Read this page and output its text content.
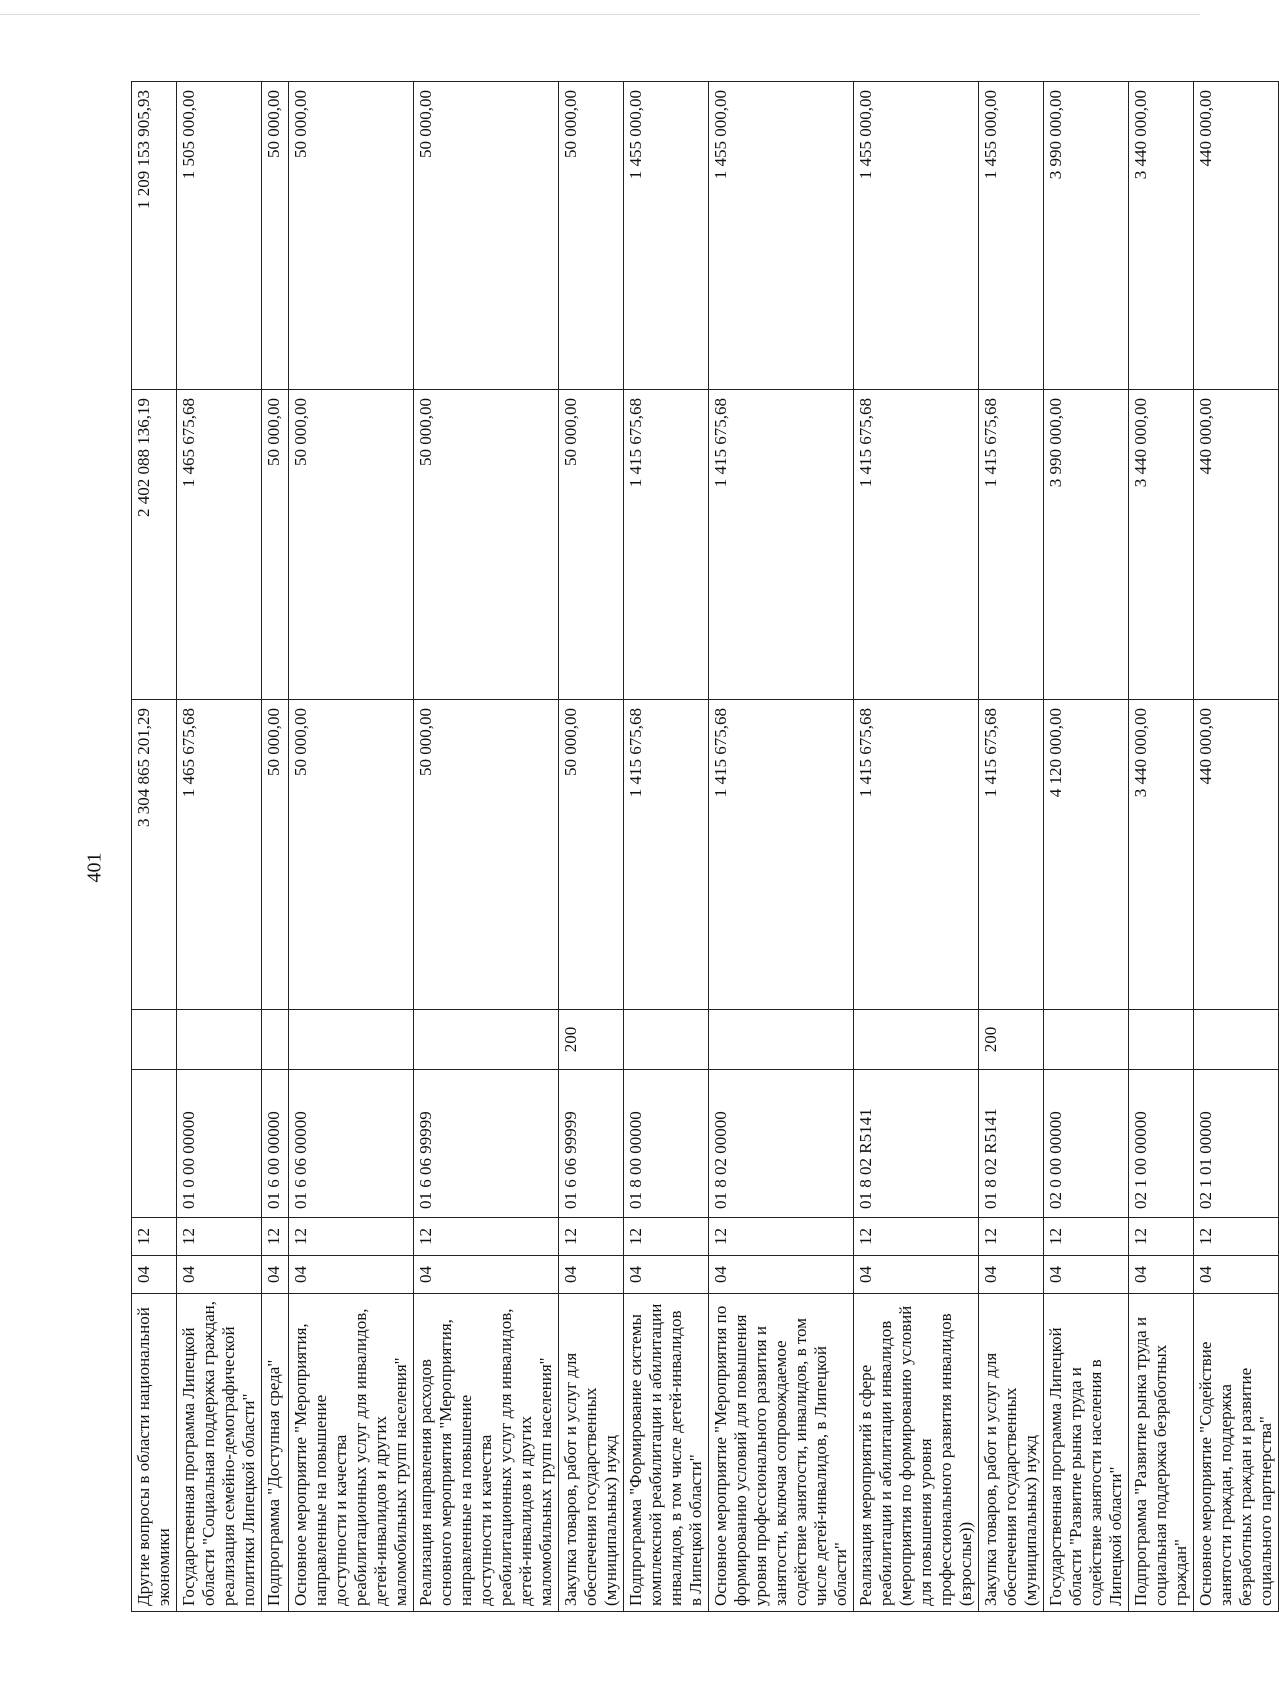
401
Другие вопросы в области национальной экономики	04	12			3 304 865 201,29	2 402 088 136,19	1 209 153 905,93
Государственная программа Липецкой области "Социальная поддержка граждан, реализация семейно-демографической политики Липецкой области"	04	12	01 0 00 00000		1 465 675,68	1 465 675,68	1 505 000,00
Подпрограмма "Доступная среда"	04	12	01 6 00 00000		50 000,00	50 000,00	50 000,00
Основное мероприятие "Мероприятия, направленные на повышение доступности и качества реабилитационных услуг для инвалидов, детей-инвалидов и других маломобильных групп населения"	04	12	01 6 06 00000		50 000,00	50 000,00	50 000,00
Реализация направления расходов основного мероприятия "Мероприятия, направленные на повышение доступности и качества реабилитационных услуг для инвалидов, детей-инвалидов и других маломобильных групп населения"	04	12	01 6 06 99999		50 000,00	50 000,00	50 000,00
Закупка товаров, работ и услуг для обеспечения государственных (муниципальных) нужд	04	12	01 6 06 99999	200	50 000,00	50 000,00	50 000,00
Подпрограмма "Формирование системы комплексной реабилитации и абилитации инвалидов, в том числе детей-инвалидов в Липецкой области"	04	12	01 8 00 00000		1 415 675,68	1 415 675,68	1 455 000,00
Основное мероприятие "Мероприятия по формированию условий для повышения уровня профессионального развития и занятости, включая сопровождаемое содействие занятости, инвалидов, в том числе детей-инвалидов, в Липецкой области"	04	12	01 8 02 00000		1 415 675,68	1 415 675,68	1 455 000,00
Реализация мероприятий в сфере реабилитации и абилитации инвалидов (мероприятия по формированию условий для повышения уровня профессионального развития инвалидов (взрослые))	04	12	01 8 02 R5141		1 415 675,68	1 415 675,68	1 455 000,00
Закупка товаров, работ и услуг для обеспечения государственных (муниципальных) нужд	04	12	01 8 02 R5141	200	1 415 675,68	1 415 675,68	1 455 000,00
Государственная программа Липецкой области "Развитие рынка труда и содействие занятости населения в Липецкой области"	04	12	02 0 00 00000		4 120 000,00	3 990 000,00	3 990 000,00
Подпрограмма "Развитие рынка труда и социальная поддержка безработных граждан"	04	12	02 1 00 00000		3 440 000,00	3 440 000,00	3 440 000,00
Основное мероприятие "Содействие занятости граждан, поддержка безработных граждан и развитие социального партнерства"	04	12	02 1 01 00000		440 000,00	440 000,00	440 000,00
